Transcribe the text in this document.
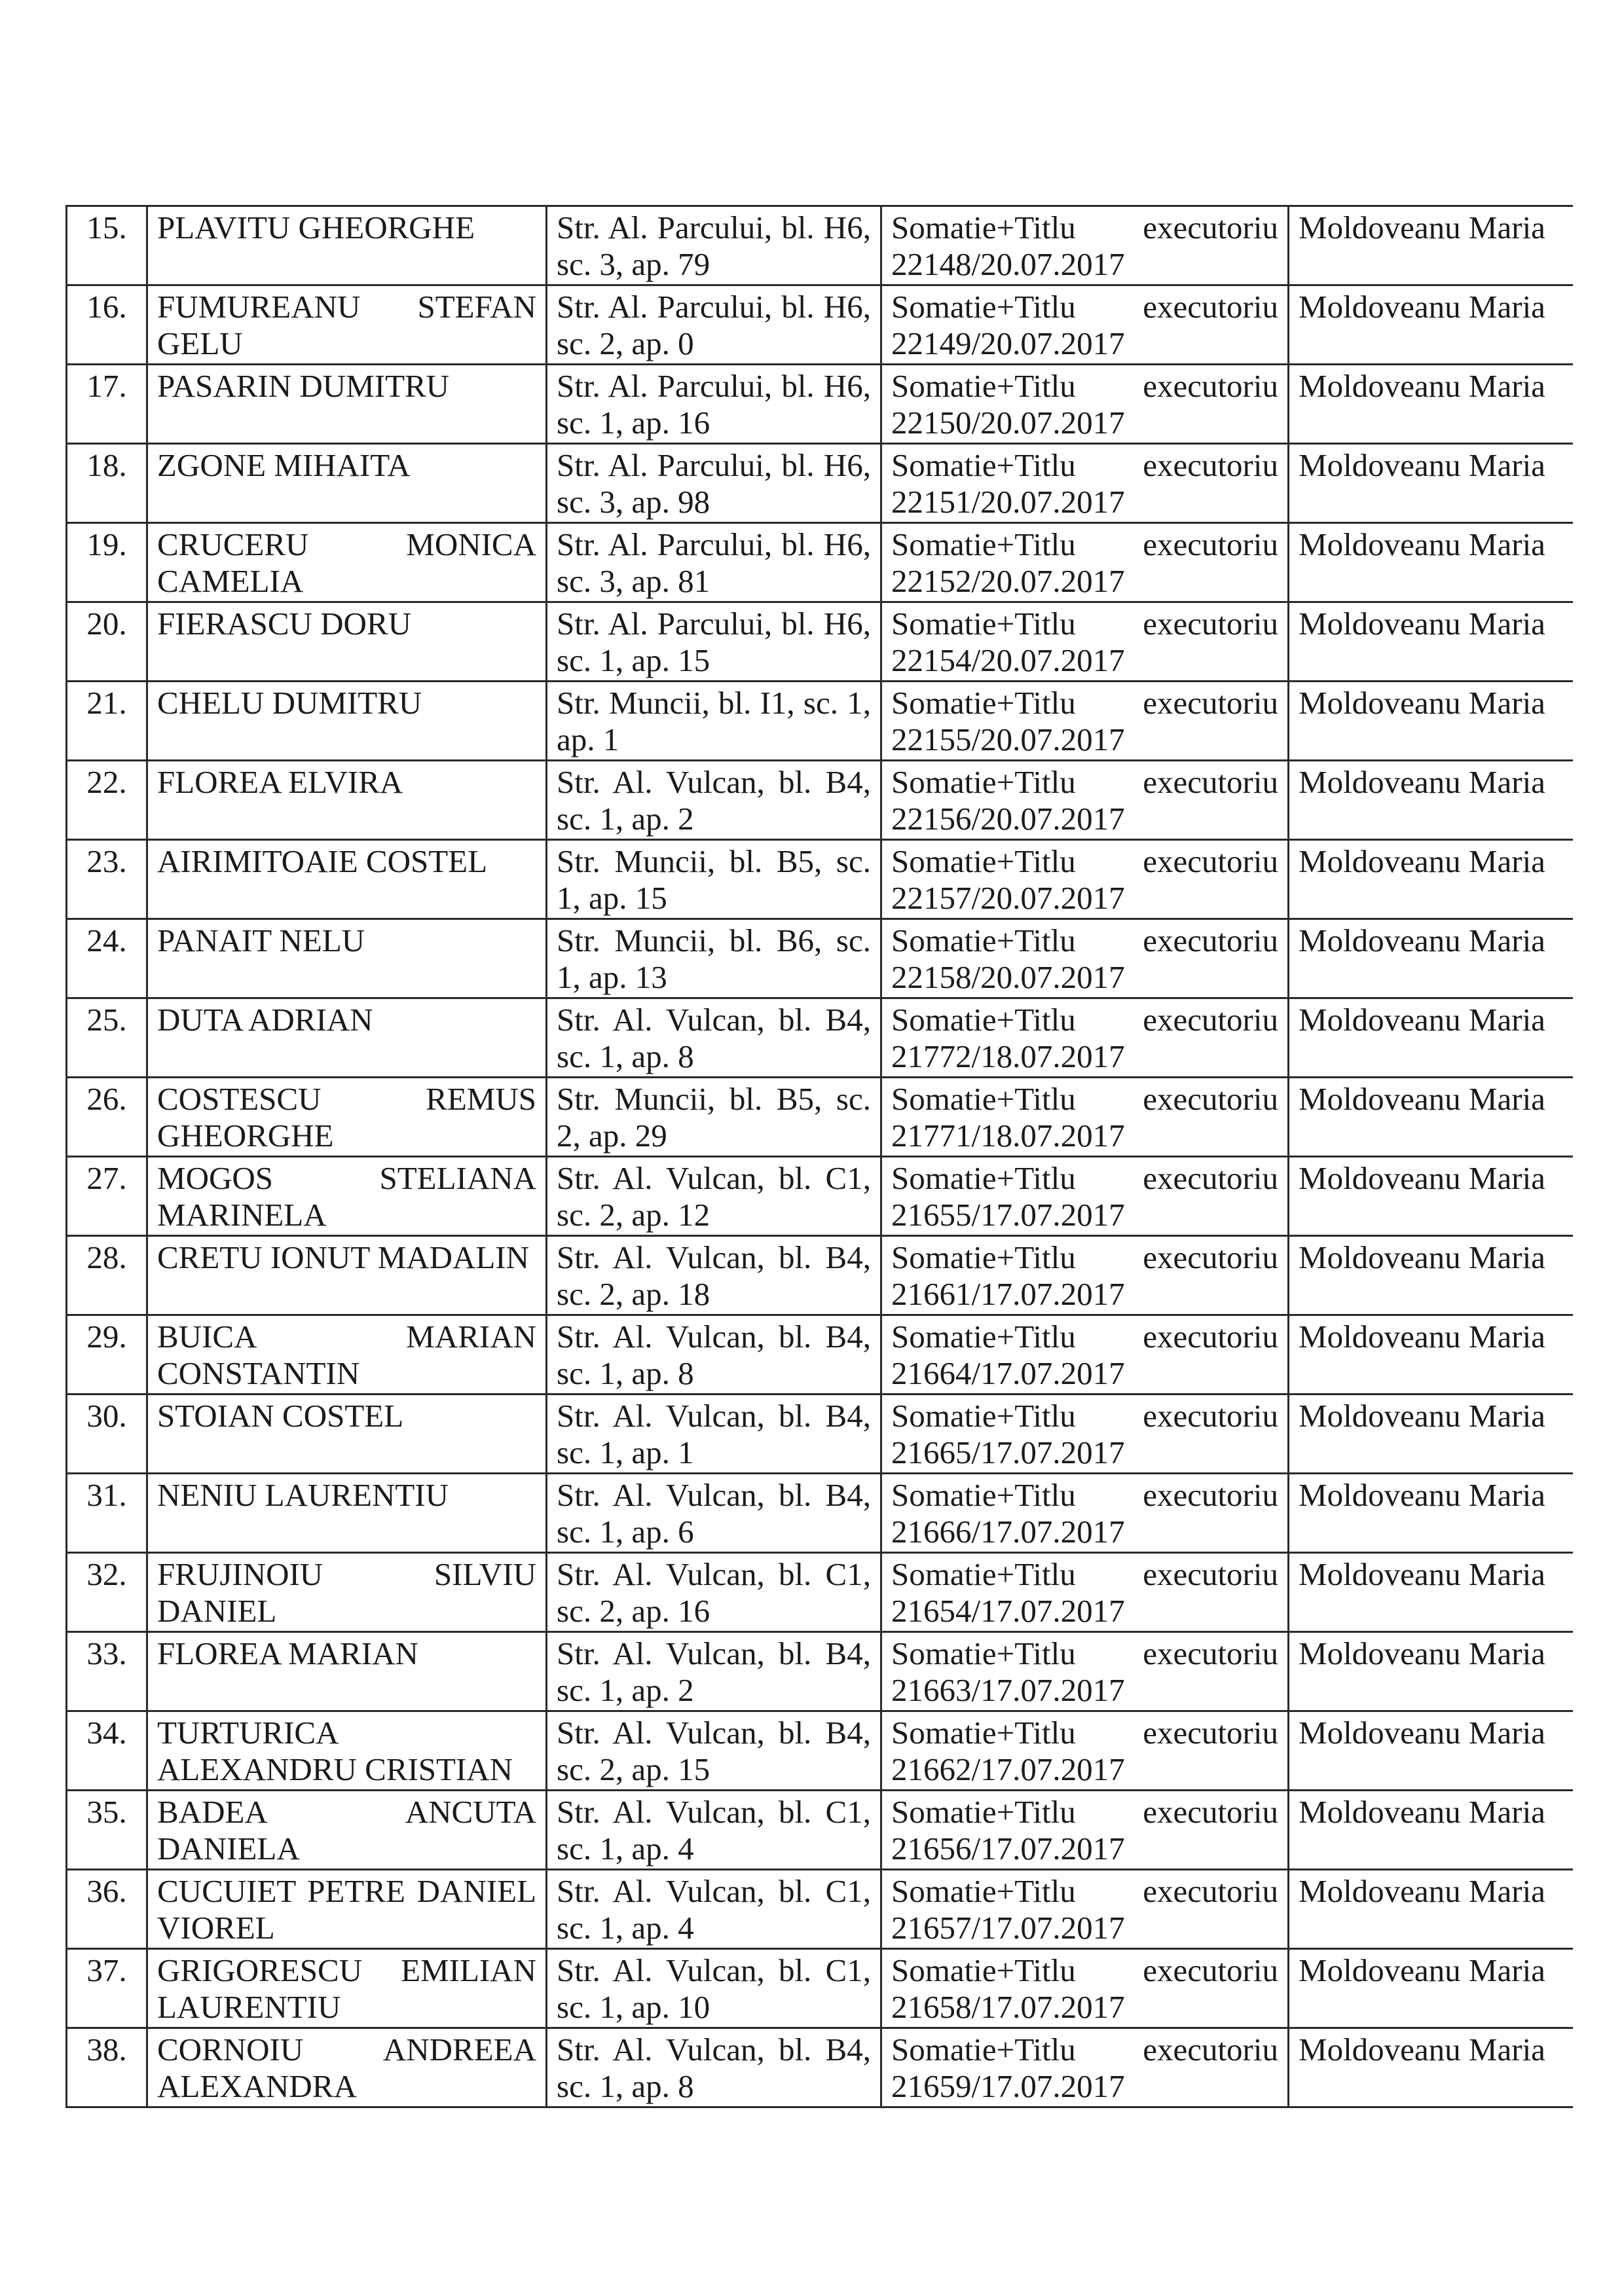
15.	PLAVITU GHEORGHE	Str. Al. Parcului, bl. H6, sc. 3, ap. 79	Somatie+Titlu executoriu 22148/20.07.2017	Moldoveanu Maria
16.	FUMUREANU STEFAN GELU	Str. Al. Parcului, bl. H6, sc. 2, ap. 0	Somatie+Titlu executoriu 22149/20.07.2017	Moldoveanu Maria
17.	PASARIN DUMITRU	Str. Al. Parcului, bl. H6, sc. 1, ap. 16	Somatie+Titlu executoriu 22150/20.07.2017	Moldoveanu Maria
18.	ZGONE MIHAITA	Str. Al. Parcului, bl. H6, sc. 3, ap. 98	Somatie+Titlu executoriu 22151/20.07.2017	Moldoveanu Maria
19.	CRUCERU MONICA CAMELIA	Str. Al. Parcului, bl. H6, sc. 3, ap. 81	Somatie+Titlu executoriu 22152/20.07.2017	Moldoveanu Maria
20.	FIERASCU DORU	Str. Al. Parcului, bl. H6, sc. 1, ap. 15	Somatie+Titlu executoriu 22154/20.07.2017	Moldoveanu Maria
21.	CHELU DUMITRU	Str. Muncii, bl. I1, sc. 1, ap. 1	Somatie+Titlu executoriu 22155/20.07.2017	Moldoveanu Maria
22.	FLOREA ELVIRA	Str. Al. Vulcan, bl. B4, sc. 1, ap. 2	Somatie+Titlu executoriu 22156/20.07.2017	Moldoveanu Maria
23.	AIRIMITOAIE COSTEL	Str. Muncii, bl. B5, sc. 1, ap. 15	Somatie+Titlu executoriu 22157/20.07.2017	Moldoveanu Maria
24.	PANAIT NELU	Str. Muncii, bl. B6, sc. 1, ap. 13	Somatie+Titlu executoriu 22158/20.07.2017	Moldoveanu Maria
25.	DUTA ADRIAN	Str. Al. Vulcan, bl. B4, sc. 1, ap. 8	Somatie+Titlu executoriu 21772/18.07.2017	Moldoveanu Maria
26.	COSTESCU REMUS GHEORGHE	Str. Muncii, bl. B5, sc. 2, ap. 29	Somatie+Titlu executoriu 21771/18.07.2017	Moldoveanu Maria
27.	MOGOS STELIANA MARINELA	Str. Al. Vulcan, bl. C1, sc. 2, ap. 12	Somatie+Titlu executoriu 21655/17.07.2017	Moldoveanu Maria
28.	CRETU IONUT MADALIN	Str. Al. Vulcan, bl. B4, sc. 2, ap. 18	Somatie+Titlu executoriu 21661/17.07.2017	Moldoveanu Maria
29.	BUICA MARIAN CONSTANTIN	Str. Al. Vulcan, bl. B4, sc. 1, ap. 8	Somatie+Titlu executoriu 21664/17.07.2017	Moldoveanu Maria
30.	STOIAN COSTEL	Str. Al. Vulcan, bl. B4, sc. 1, ap. 1	Somatie+Titlu executoriu 21665/17.07.2017	Moldoveanu Maria
31.	NENIU LAURENTIU	Str. Al. Vulcan, bl. B4, sc. 1, ap. 6	Somatie+Titlu executoriu 21666/17.07.2017	Moldoveanu Maria
32.	FRUJINOIU SILVIU DANIEL	Str. Al. Vulcan, bl. C1, sc. 2, ap. 16	Somatie+Titlu executoriu 21654/17.07.2017	Moldoveanu Maria
33.	FLOREA MARIAN	Str. Al. Vulcan, bl. B4, sc. 1, ap. 2	Somatie+Titlu executoriu 21663/17.07.2017	Moldoveanu Maria
34.	TURTURICA ALEXANDRU CRISTIAN	Str. Al. Vulcan, bl. B4, sc. 2, ap. 15	Somatie+Titlu executoriu 21662/17.07.2017	Moldoveanu Maria
35.	BADEA ANCUTA DANIELA	Str. Al. Vulcan, bl. C1, sc. 1, ap. 4	Somatie+Titlu executoriu 21656/17.07.2017	Moldoveanu Maria
36.	CUCUIET PETRE DANIEL VIOREL	Str. Al. Vulcan, bl. C1, sc. 1, ap. 4	Somatie+Titlu executoriu 21657/17.07.2017	Moldoveanu Maria
37.	GRIGORESCU EMILIAN LAURENTIU	Str. Al. Vulcan, bl. C1, sc. 1, ap. 10	Somatie+Titlu executoriu 21658/17.07.2017	Moldoveanu Maria
38.	CORNOIU ANDREEA ALEXANDRA	Str. Al. Vulcan, bl. B4, sc. 1, ap. 8	Somatie+Titlu executoriu 21659/17.07.2017	Moldoveanu Maria
